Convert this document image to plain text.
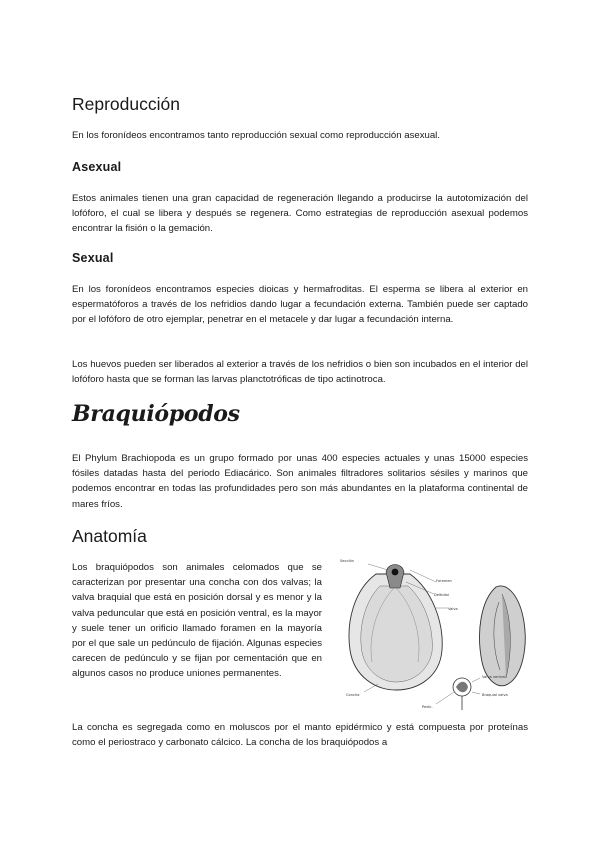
Reproducción

En los foronídeos encontramos tanto reproducción sexual como reproducción asexual.

Asexual

Estos animales tienen una gran capacidad de regeneración llegando a producirse la autotomización del lofóforo, el cual se libera y después se regenera. Como estrategias de reproducción asexual podemos encontrar la fisión o la gemación.

Sexual

En los foronídeos encontramos especies dioicas y hermafroditas. El esperma se libera al exterior en espermatóforos a través de los nefridios dando lugar a fecundación externa. También puede ser captado por el lofóforo de otro ejemplar, penetrar en el metacele y dar lugar a fecundación interna.

Los huevos pueden ser liberados al exterior a través de los nefridios o bien son incubados en el interior del lofóforo hasta que se forman las larvas planctotróficas de tipo actinotroca.

Braquiópodos

El Phylum Brachiopoda es un grupo formado por unas 400 especies actuales y unas 15000 especies fósiles datadas hasta del periodo Ediacárico. Son animales filtradores solitarios sésiles y marinos que podemos encontrar en todas las profundidades pero son más abundantes en la plataforma continental de mares fríos.

Anatomía

Los braquiópodos son animales celomados que se caracterizan por presentar una concha con dos valvas; la valva braquial que está en posición dorsal y es menor y la valva peduncular que está en posición ventral, es la mayor y suele tener un orificio llamado foramen en la mayoría por el que sale un pedúnculo de fijación. Algunas especies carecen de pedúnculo y se fijan por cementación que en algunos casos no produce uniones permanentes.

Sección
Foramen
Deltidial
Valva
Concha
Pedic.
Valva ventral
Braquial valva

La concha es segregada como en moluscos por el manto epidérmico y está compuesta por proteínas como el periostraco y carbonato cálcico. La concha de los braquiópodos a
